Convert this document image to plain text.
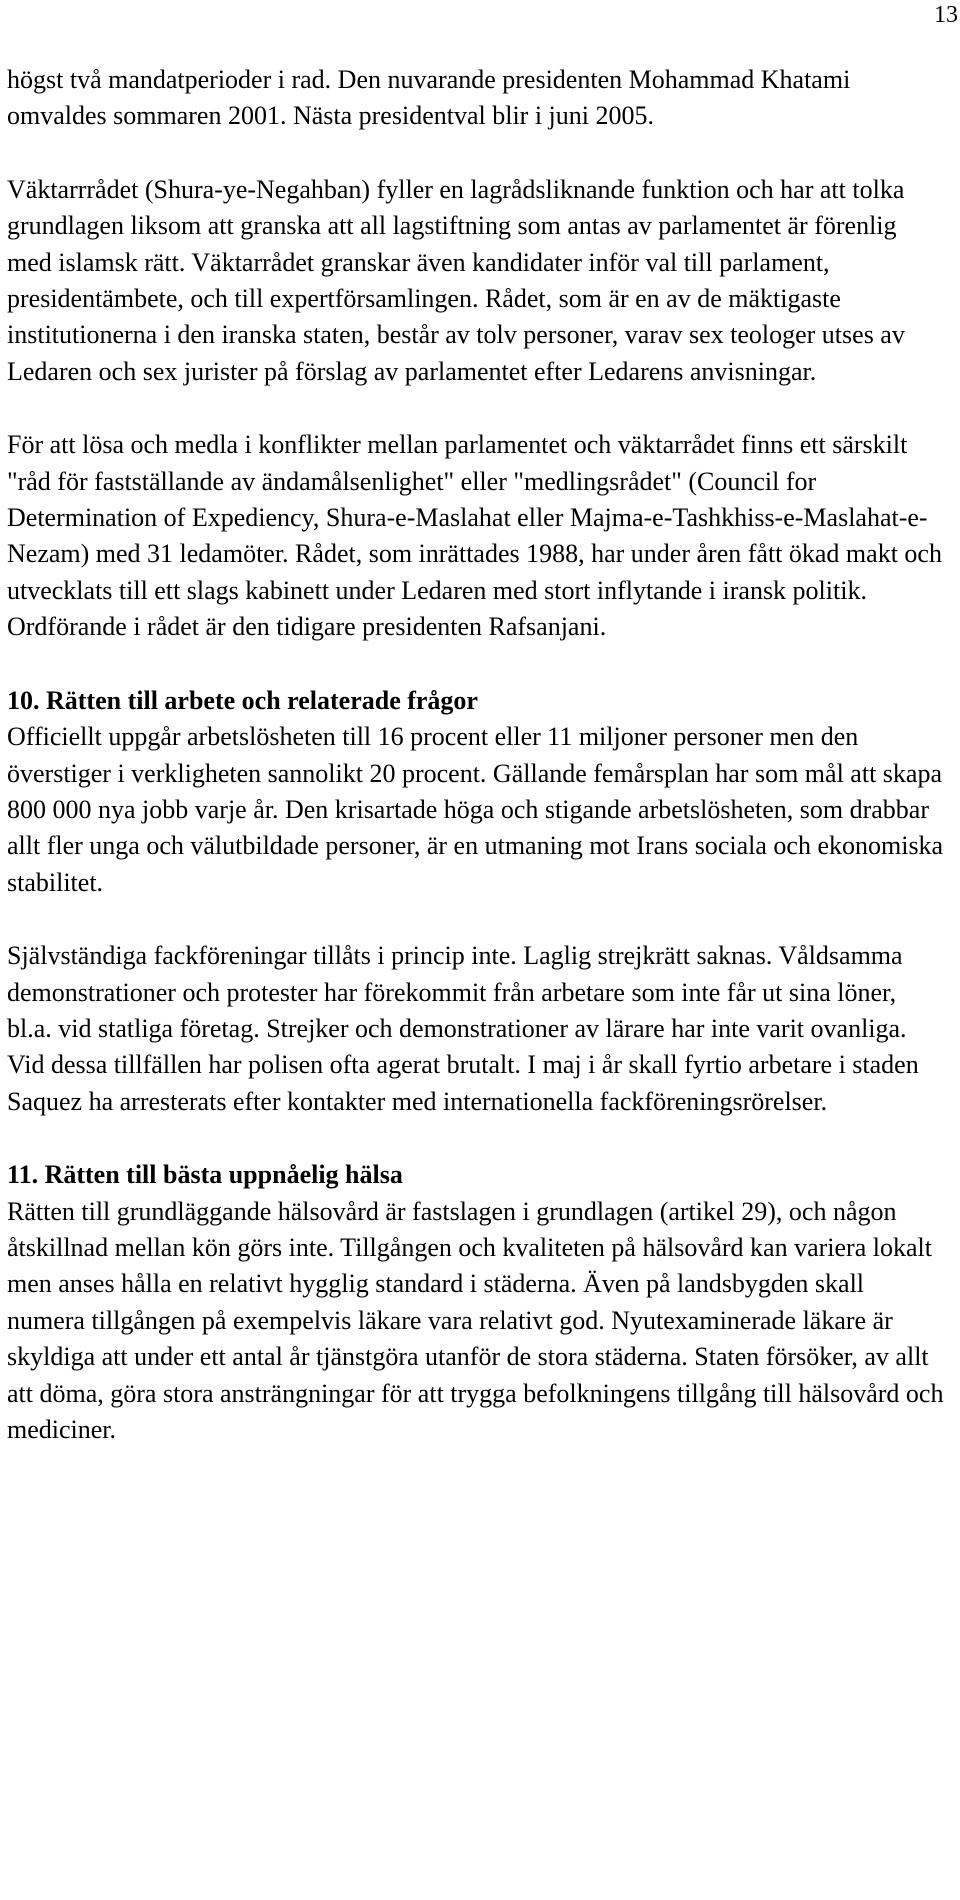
13

högst två mandatperioder i rad. Den nuvarande presidenten Mohammad Khatami omvaldes sommaren 2001. Nästa presidentval blir i juni 2005.

Väktarrrådet (Shura-ye-Negahban) fyller en lagrådsliknande funktion och har att tolka grundlagen liksom att granska att all lagstiftning som antas av parlamentet är förenlig med islamsk rätt. Väktarrådet granskar även kandidater inför val till parlament, presidentämbete, och till expertförsamlingen. Rådet, som är en av de mäktigaste institutionerna i den iranska staten, består av tolv personer, varav sex teologer utses av Ledaren och sex jurister på förslag av parlamentet efter Ledarens anvisningar.

För att lösa och medla i konflikter mellan parlamentet och väktarrådet finns ett särskilt "råd för fastställande av ändamålsenlighet" eller "medlingsrådet" (Council for Determination of Expediency, Shura-e-Maslahat eller Majma-e-Tashkhiss-e-Maslahat-e-Nezam) med 31 ledamöter. Rådet, som inrättades 1988, har under åren fått ökad makt och utvecklats till ett slags kabinett under Ledaren med stort inflytande i iransk politik. Ordförande i rådet är den tidigare presidenten Rafsanjani.

10. Rätten till arbete och relaterade frågor

Officiellt uppgår arbetslösheten till 16 procent eller 11 miljoner personer men den överstiger i verkligheten sannolikt 20 procent. Gällande femårsplan har som mål att skapa 800 000 nya jobb varje år. Den krisartade höga och stigande arbetslösheten, som drabbar allt fler unga och välutbildade personer, är en utmaning mot Irans sociala och ekonomiska stabilitet.

Självständiga fackföreningar tillåts i princip inte. Laglig strejkrätt saknas. Våldsamma demonstrationer och protester har förekommit från arbetare som inte får ut sina löner, bl.a. vid statliga företag. Strejker och demonstrationer av lärare har inte varit ovanliga. Vid dessa tillfällen har polisen ofta agerat brutalt. I maj i år skall fyrtio arbetare i staden Saquez ha arresterats efter kontakter med internationella fackföreningsrörelser.

11. Rätten till bästa uppnåelig hälsa

Rätten till grundläggande hälsovård är fastslagen i grundlagen (artikel 29), och någon åtskillnad mellan kön görs inte. Tillgången och kvaliteten på hälsovård kan variera lokalt men anses hålla en relativt hygglig standard i städerna. Även på landsbygden skall numera tillgången på exempelvis läkare vara relativt god. Nyutexaminerade läkare är skyldiga att under ett antal år tjänstgöra utanför de stora städerna. Staten försöker, av allt att döma, göra stora ansträngningar för att trygga befolkningens tillgång till hälsovård och mediciner.
